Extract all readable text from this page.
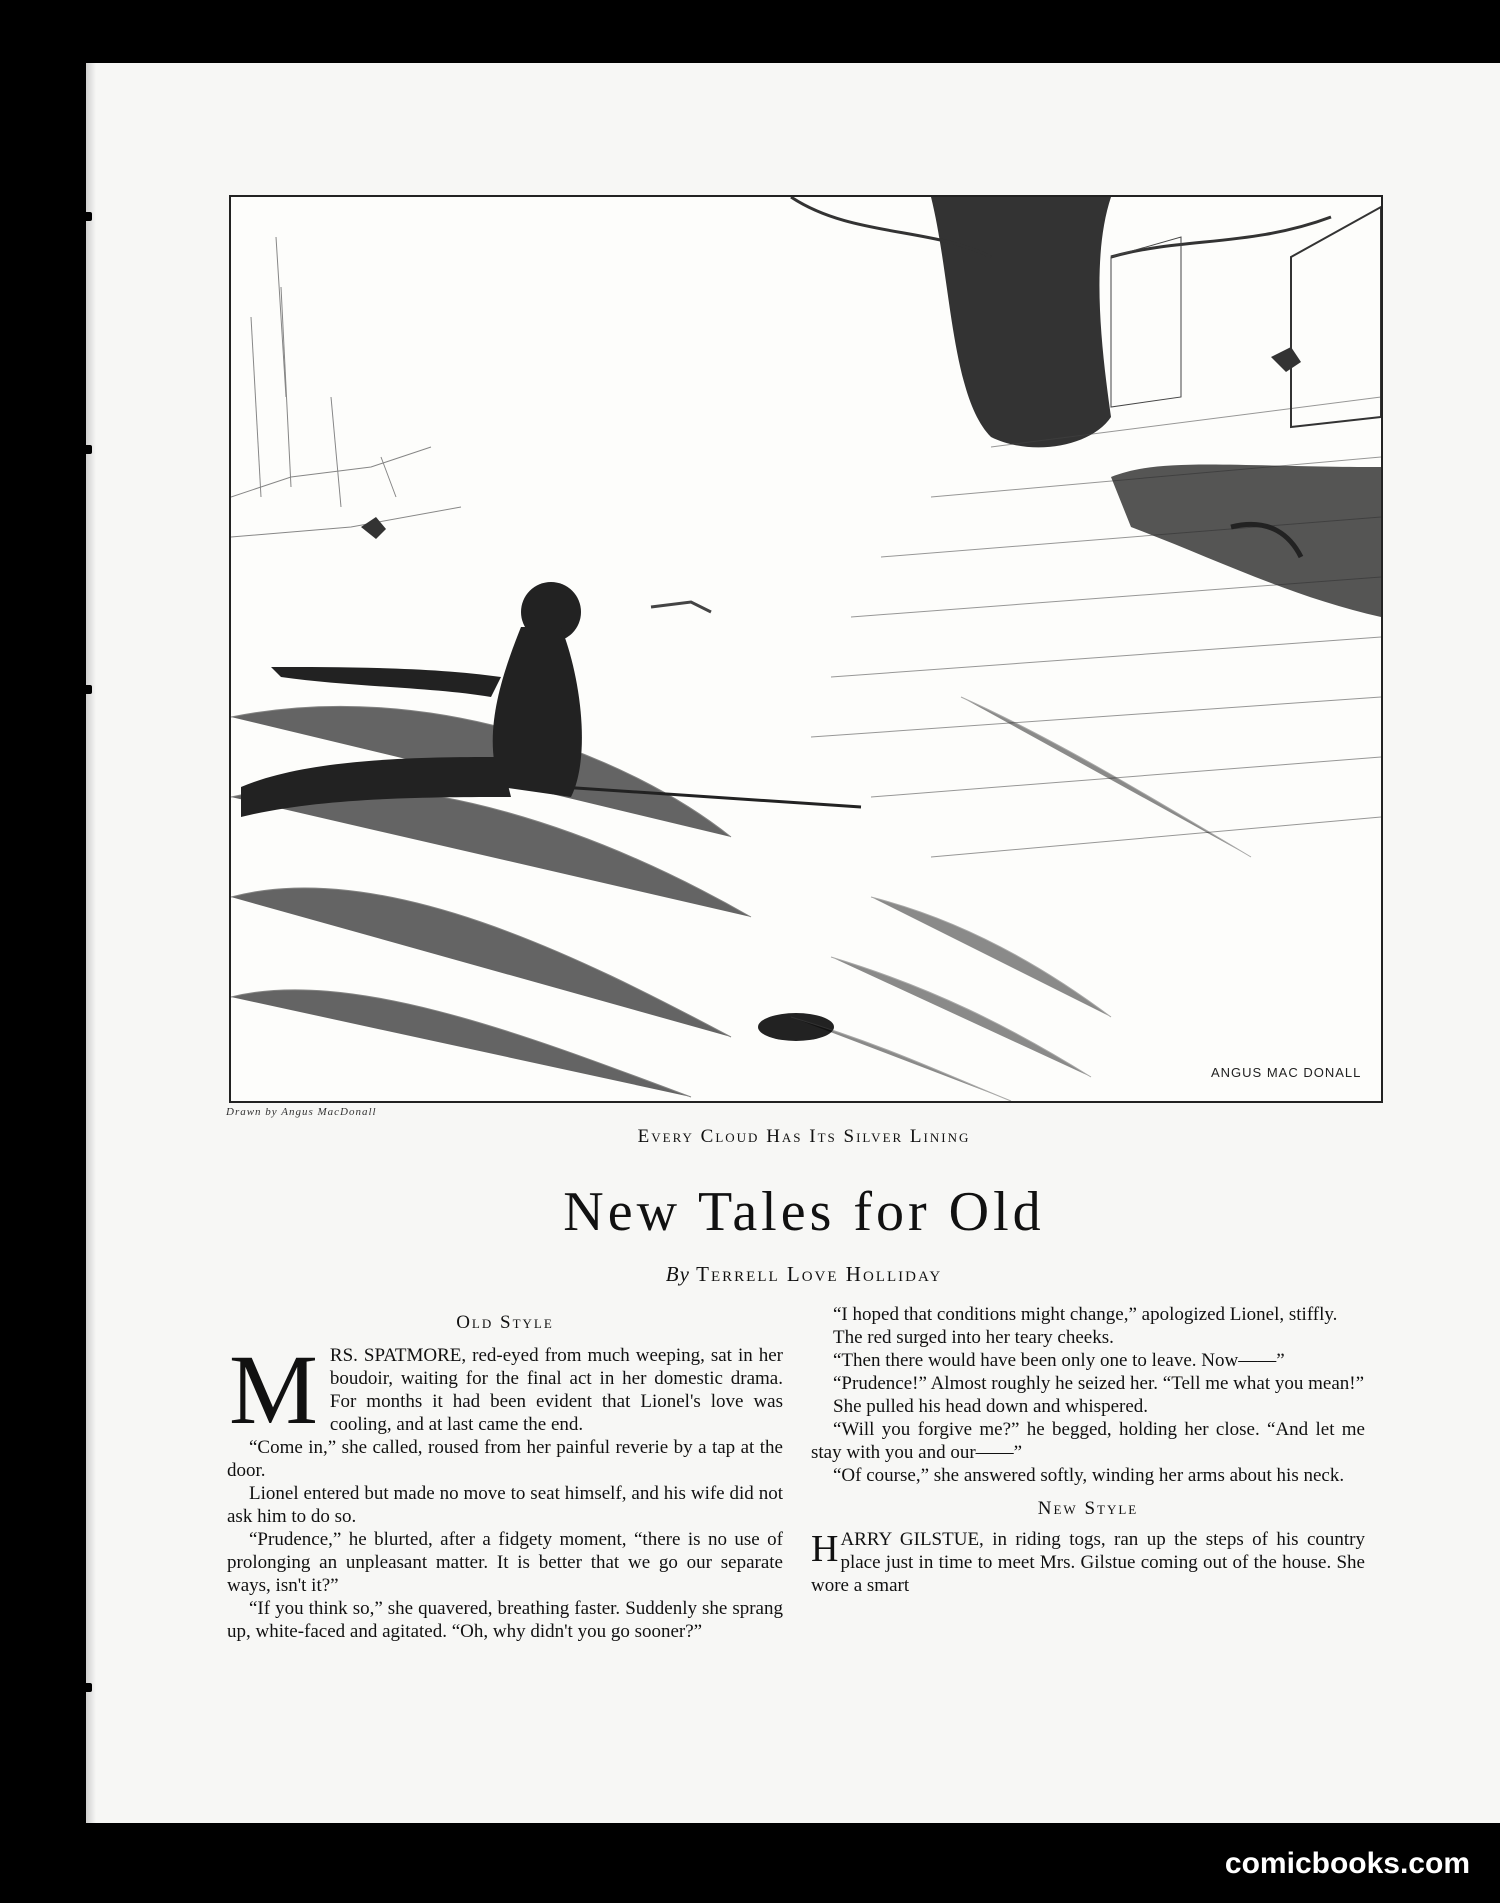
ANGUS MAC DONALL
Drawn by Angus MacDonall
Every Cloud Has Its Silver Lining
New Tales for Old
By Terrell Love Holliday
Old Style

MRS. SPATMORE, red-eyed from much weeping, sat in her boudoir, waiting for the final act in her domestic drama. For months it had been evident that Lionel's love was cooling, and at last came the end.

“Come in,” she called, roused from her painful reverie by a tap at the door.

Lionel entered but made no move to seat himself, and his wife did not ask him to do so.

“Prudence,” he blurted, after a fidgety moment, “there is no use of prolonging an unpleasant matter. It is better that we go our separate ways, isn't it?”

“If you think so,” she quavered, breathing faster. Suddenly she sprang up, white-faced and agitated. “Oh, why didn't you go sooner?”

“I hoped that conditions might change,” apologized Lionel, stiffly.

The red surged into her teary cheeks.

“Then there would have been only one to leave. Now——”

“Prudence!” Almost roughly he seized her. “Tell me what you mean!”

She pulled his head down and whispered.

“Will you forgive me?” he begged, holding her close. “And let me stay with you and our——”

“Of course,” she answered softly, winding her arms about his neck.

New Style

HARRY GILSTUE, in riding togs, ran up the steps of his country place just in time to meet Mrs. Gilstue coming out of the house. She wore a smart

comicbooks.com
